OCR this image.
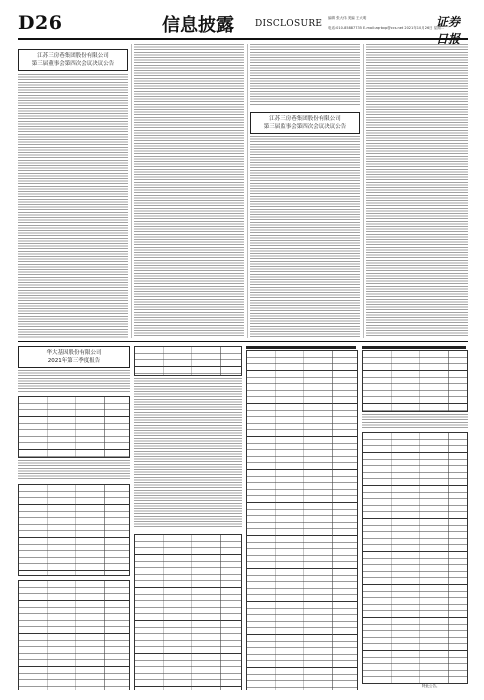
D26	信息披露 DISCLOSURE
编辑 张大伟 美编 王大明
电话:010-85887735 E-mail:zqrbxp@ccs.net 2021年10月26日 星期二
证券
江苏三房巷集团股份有限公司
第三届董事会第四次会议决议公告
江苏三房巷集团股份有限公司
第三届监事会第四次会议决议公告
华大基因股份有限公司
2021年第三季度报告
特此公告。
